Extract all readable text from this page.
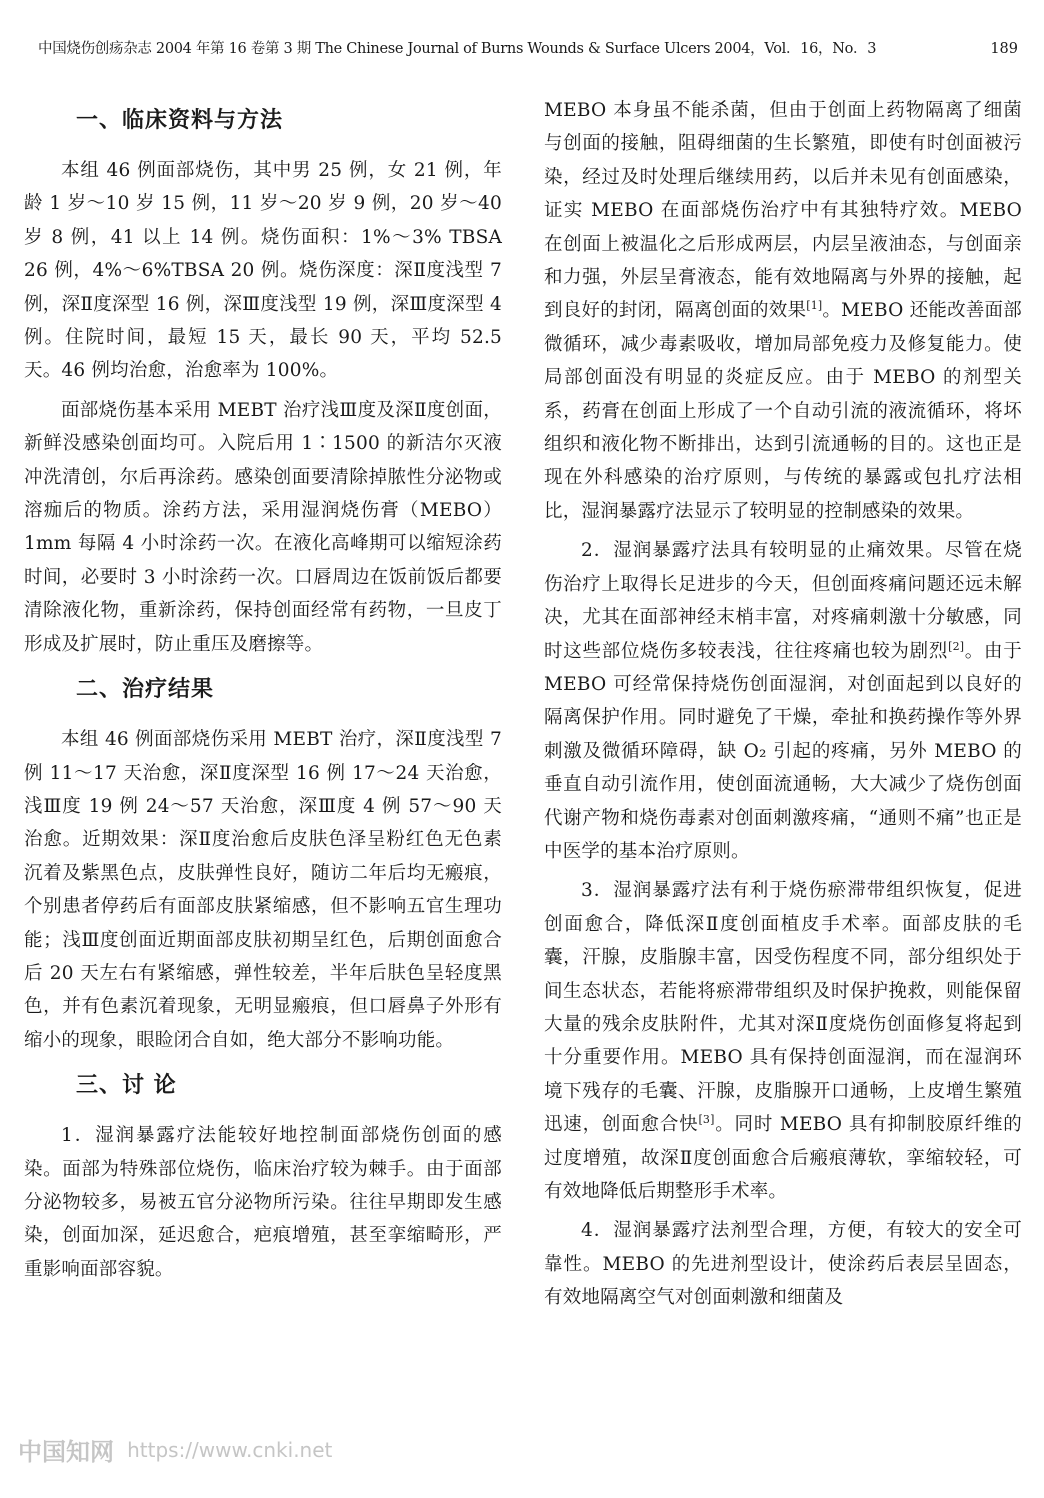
中国烧伤创疡杂志 2004 年第 16 卷第 3 期 The Chinese Journal of Burns Wounds & Surface Ulcers 2004，Vol．16，No．3	189
一、临床资料与方法

本组 46 例面部烧伤，其中男 25 例，女 21 例，年龄 1 岁～10 岁 15 例，11 岁～20 岁 9 例，20 岁～40 岁 8 例，41 以上 14 例。烧伤面积：1%～3% TBSA 26 例，4%～6%TBSA 20 例。烧伤深度：深Ⅱ度浅型 7 例，深Ⅱ度深型 16 例，深Ⅲ度浅型 19 例，深Ⅲ度深型 4 例。住院时间，最短 15 天，最长 90 天，平均 52.5 天。46 例均治愈，治愈率为 100%。

面部烧伤基本采用 MEBT 治疗浅Ⅲ度及深Ⅱ度创面，新鲜没感染创面均可。入院后用 1∶1500 的新洁尔灭液冲洗清创，尔后再涂药。感染创面要清除掉脓性分泌物或溶痂后的物质。涂药方法，采用湿润烧伤膏（MEBO）1mm 每隔 4 小时涂药一次。在液化高峰期可以缩短涂药时间，必要时 3 小时涂药一次。口唇周边在饭前饭后都要清除液化物，重新涂药，保持创面经常有药物，一旦皮丁形成及扩展时，防止重压及磨擦等。

二、治疗结果

本组 46 例面部烧伤采用 MEBT 治疗，深Ⅱ度浅型 7 例 11～17 天治愈，深Ⅱ度深型 16 例 17～24 天治愈，浅Ⅲ度 19 例 24～57 天治愈，深Ⅲ度 4 例 57～90 天治愈。近期效果：深Ⅱ度治愈后皮肤色泽呈粉红色无色素沉着及紫黑色点，皮肤弹性良好，随访二年后均无瘢痕，个别患者停药后有面部皮肤紧缩感，但不影响五官生理功能；浅Ⅲ度创面近期面部皮肤初期呈红色，后期创面愈合后 20 天左右有紧缩感，弹性较差，半年后肤色呈轻度黑色，并有色素沉着现象，无明显瘢痕，但口唇鼻子外形有缩小的现象，眼睑闭合自如，绝大部分不影响功能。

三、讨 论

1．湿润暴露疗法能较好地控制面部烧伤创面的感染。面部为特殊部位烧伤，临床治疗较为棘手。由于面部分泌物较多，易被五官分泌物所污染。往往早期即发生感染，创面加深，延迟愈合，疤痕增殖，甚至挛缩畸形，严重影响面部容貌。

MEBO 本身虽不能杀菌，但由于创面上药物隔离了细菌与创面的接触，阻碍细菌的生长繁殖，即使有时创面被污染，经过及时处理后继续用药，以后并未见有创面感染，证实 MEBO 在面部烧伤治疗中有其独特疗效。MEBO 在创面上被温化之后形成两层，内层呈液油态，与创面亲和力强，外层呈膏液态，能有效地隔离与外界的接触，起到良好的封闭，隔离创面的效果[1]。MEBO 还能改善面部微循环，减少毒素吸收，增加局部免疫力及修复能力。使局部创面没有明显的炎症反应。由于 MEBO 的剂型关系，药膏在创面上形成了一个自动引流的液流循环，将坏组织和液化物不断排出，达到引流通畅的目的。这也正是现在外科感染的治疗原则，与传统的暴露或包扎疗法相比，湿润暴露疗法显示了较明显的控制感染的效果。

2．湿润暴露疗法具有较明显的止痛效果。尽管在烧伤治疗上取得长足进步的今天，但创面疼痛问题还远未解决，尤其在面部神经末梢丰富，对疼痛刺激十分敏感，同时这些部位烧伤多较表浅，往往疼痛也较为剧烈[2]。由于 MEBO 可经常保持烧伤创面湿润，对创面起到以良好的隔离保护作用。同时避免了干燥，牵扯和换药操作等外界刺激及微循环障碍，缺 O₂ 引起的疼痛，另外 MEBO 的垂直自动引流作用，使创面流通畅，大大减少了烧伤创面代谢产物和烧伤毒素对创面刺激疼痛，“通则不痛”也正是中医学的基本治疗原则。

3．湿润暴露疗法有利于烧伤瘀滞带组织恢复，促进创面愈合，降低深Ⅱ度创面植皮手术率。面部皮肤的毛囊，汗腺，皮脂腺丰富，因受伤程度不同，部分组织处于间生态状态，若能将瘀滞带组织及时保护挽救，则能保留大量的残余皮肤附件，尤其对深Ⅱ度烧伤创面修复将起到十分重要作用。MEBO 具有保持创面湿润，而在湿润环境下残存的毛囊、汗腺，皮脂腺开口通畅，上皮增生繁殖迅速，创面愈合快[3]。同时 MEBO 具有抑制胶原纤维的过度增殖，故深Ⅱ度创面愈合后瘢痕薄软，挛缩较轻，可有效地降低后期整形手术率。

4．湿润暴露疗法剂型合理，方便，有较大的安全可靠性。MEBO 的先进剂型设计，使涂药后表层呈固态，有效地隔离空气对创面刺激和细菌及

中国知网 https://www.cnki.net
